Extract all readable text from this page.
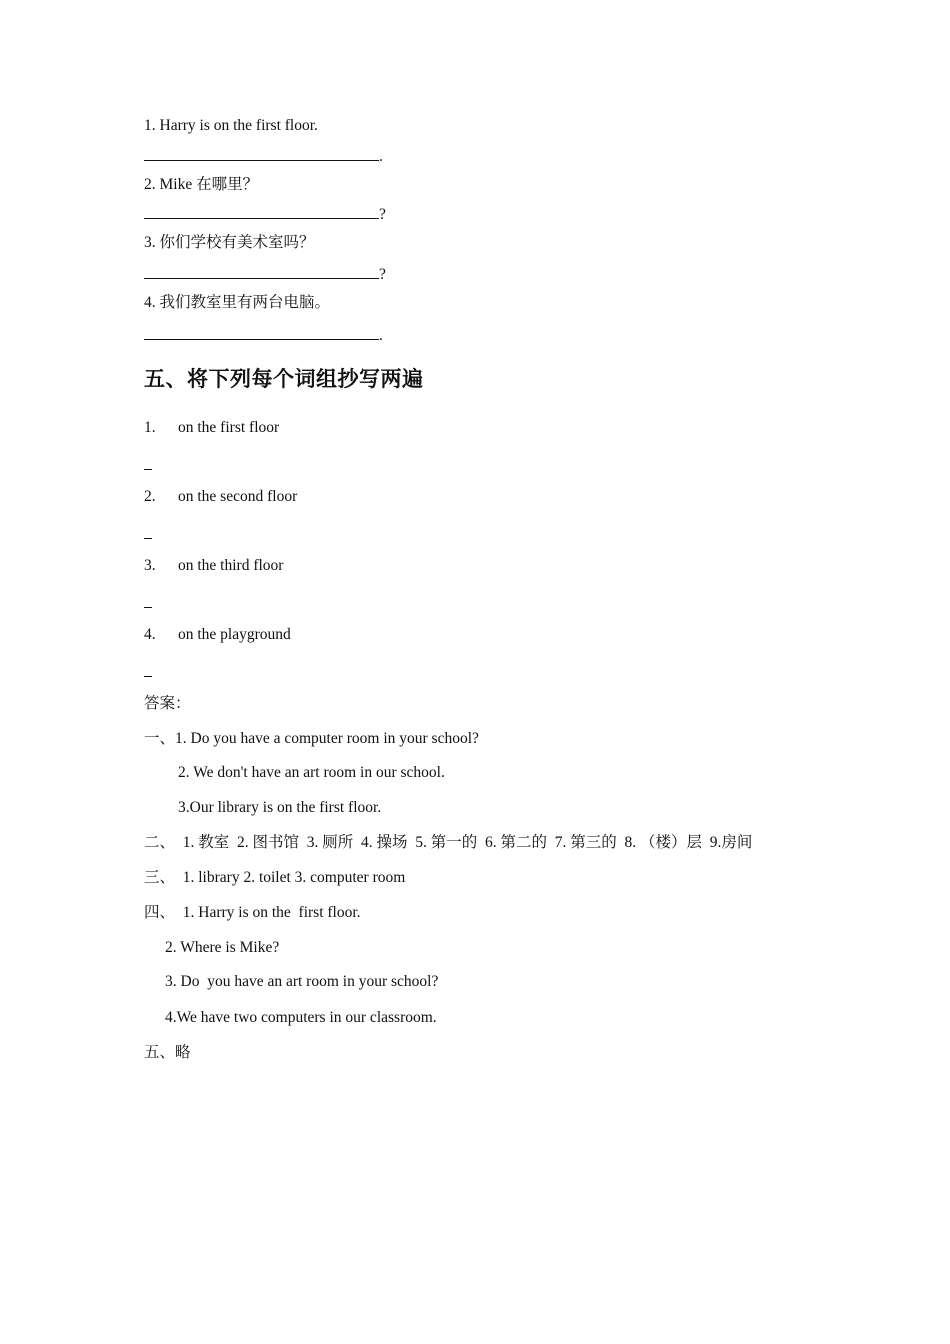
1. Harry is on the first floor.
.
2. Mike 在哪里？
?
3. 你们学校有美术室吗？
?
4. 我们教室里有两台电脑。
.
五、将下列每个词组抄写两遍
1. on the first floor
2. on the second floor
3. on the third floor
4. on the playground
答案：
一、1. Do you have a computer room in your school?
2. We don't have an art room in our school.
3.Our library is on the first floor.
二、  1. 教室  2. 图书馆  3. 厕所  4. 操场  5. 第一的  6. 第二的  7. 第三的  8. （楼）层  9.房间
三、  1. library 2. toilet 3. computer room
四、  1. Harry is on the  first floor.
2. Where is Mike?
3. Do  you have an art room in your school?
4.We have two computers in our classroom.
五、略
